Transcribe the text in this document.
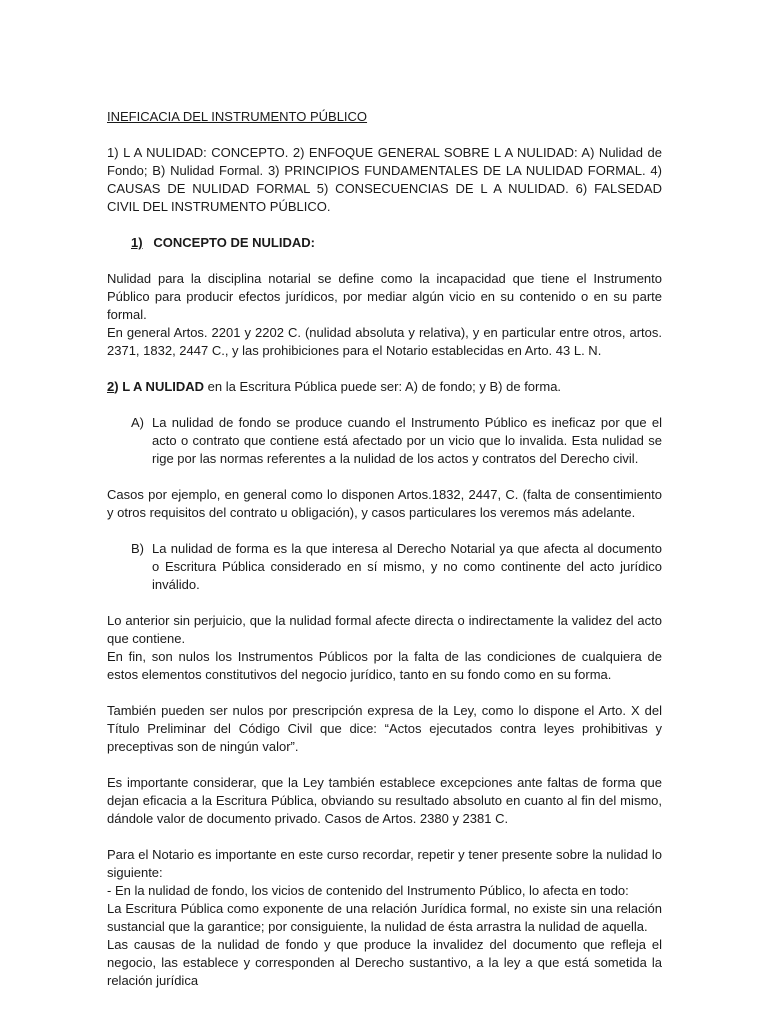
INEFICACIA DEL INSTRUMENTO PÚBLICO

1) L A NULIDAD: CONCEPTO. 2) ENFOQUE GENERAL SOBRE L A NULIDAD: A) Nulidad de Fondo; B) Nulidad Formal. 3) PRINCIPIOS FUNDAMENTALES DE LA NULIDAD FORMAL. 4) CAUSAS DE NULIDAD FORMAL 5) CONSECUENCIAS DE L A NULIDAD. 6) FALSEDAD CIVIL DEL INSTRUMENTO PÚBLICO.

1) CONCEPTO DE NULIDAD:

Nulidad para la disciplina notarial se define como la incapacidad que tiene el Instrumento Público para producir efectos jurídicos, por mediar algún vicio en su contenido o en su parte formal.

En general Artos. 2201 y 2202 C. (nulidad absoluta y relativa), y en particular entre otros, artos. 2371, 1832, 2447 C., y las prohibiciones para el Notario establecidas en Arto. 43 L. N.

2) L A NULIDAD en la Escritura Pública puede ser: A) de fondo; y B) de forma.

A) La nulidad de fondo se produce cuando el Instrumento Público es ineficaz por que el acto o contrato que contiene está afectado por un vicio que lo invalida. Esta nulidad se rige por las normas referentes a la nulidad de los actos y contratos del Derecho civil.

Casos por ejemplo, en general como lo disponen Artos.1832, 2447, C. (falta de consentimiento y otros requisitos del contrato u obligación), y casos particulares los veremos más adelante.

B) La nulidad de forma es la que interesa al Derecho Notarial ya que afecta al documento o Escritura Pública considerado en sí mismo, y no como continente del acto jurídico inválido.

Lo anterior sin perjuicio, que la nulidad formal afecte directa o indirectamente la validez del acto que contiene.

En fin, son nulos los Instrumentos Públicos por la falta de las condiciones de cualquiera de estos elementos constitutivos del negocio jurídico, tanto en su fondo como en su forma.

También pueden ser nulos por prescripción expresa de la Ley, como lo dispone el Arto. X del Título Preliminar del Código Civil que dice: “Actos ejecutados contra leyes prohibitivas y preceptivas son de ningún valor”.

Es importante considerar, que la Ley también establece excepciones ante faltas de forma que dejan eficacia a la Escritura Pública, obviando su resultado absoluto en cuanto al fin del mismo, dándole valor de documento privado. Casos de Artos. 2380 y 2381 C.

Para el Notario es importante en este curso recordar, repetir y tener presente sobre la nulidad lo siguiente:

- En la nulidad de fondo, los vicios de contenido del Instrumento Público, lo afecta en todo:

La Escritura Pública como exponente de una relación Jurídica formal, no existe sin una relación sustancial que la garantice; por consiguiente, la nulidad de ésta arrastra la nulidad de aquella.

Las causas de la nulidad de fondo y que produce la invalidez del documento que refleja el negocio, las establece y corresponden al Derecho sustantivo, a la ley a que está sometida la relación jurídica
